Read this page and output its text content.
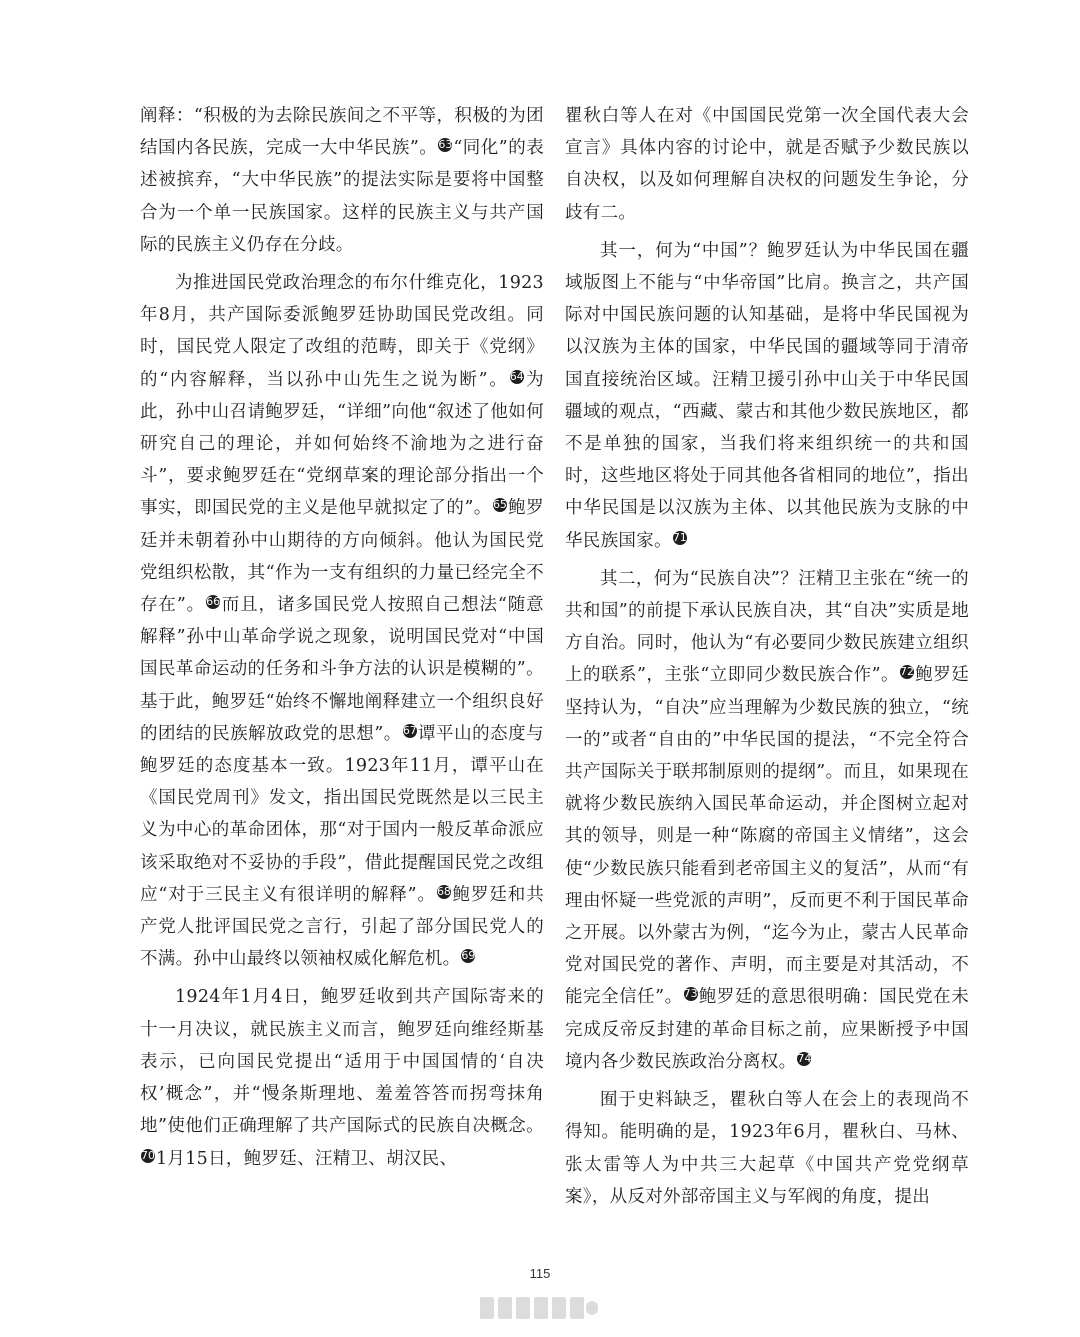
阐释：“积极的为去除民族间之不平等，积极的为团结国内各民族，完成一大中华民族”。63“同化”的表述被摈弃，“大中华民族”的提法实际是要将中国整合为一个单一民族国家。这样的民族主义与共产国际的民族主义仍存在分歧。

为推进国民党政治理念的布尔什维克化，1923年8月，共产国际委派鲍罗廷协助国民党改组。同时，国民党人限定了改组的范畴，即关于《党纲》的“内容解释，当以孙中山先生之说为断”。64为此，孙中山召请鲍罗廷，“详细”向他“叙述了他如何研究自己的理论，并如何始终不渝地为之进行奋斗”，要求鲍罗廷在“党纲草案的理论部分指出一个事实，即国民党的主义是他早就拟定了的”。65鲍罗廷并未朝着孙中山期待的方向倾斜。他认为国民党党组织松散，其“作为一支有组织的力量已经完全不存在”。66而且，诸多国民党人按照自己想法“随意解释”孙中山革命学说之现象，说明国民党对“中国国民革命运动的任务和斗争方法的认识是模糊的”。基于此，鲍罗廷“始终不懈地阐释建立一个组织良好的团结的民族解放政党的思想”。67谭平山的态度与鲍罗廷的态度基本一致。1923年11月，谭平山在《国民党周刊》发文，指出国民党既然是以三民主义为中心的革命团体，那“对于国内一般反革命派应该采取绝对不妥协的手段”，借此提醒国民党之改组应“对于三民主义有很详明的解释”。68鲍罗廷和共产党人批评国民党之言行，引起了部分国民党人的不满。孙中山最终以领袖权威化解危机。69

1924年1月4日，鲍罗廷收到共产国际寄来的十一月决议，就民族主义而言，鲍罗廷向维经斯基表示，已向国民党提出“适用于中国国情的‘自决权’概念”，并“慢条斯理地、羞羞答答而拐弯抹角地”使他们正确理解了共产国际式的民族自决概念。701月15日，鲍罗廷、汪精卫、胡汉民、

瞿秋白等人在对《中国国民党第一次全国代表大会宣言》具体内容的讨论中，就是否赋予少数民族以自决权，以及如何理解自决权的问题发生争论，分歧有二。

其一，何为“中国”？鲍罗廷认为中华民国在疆域版图上不能与“中华帝国”比肩。换言之，共产国际对中国民族问题的认知基础，是将中华民国视为以汉族为主体的国家，中华民国的疆域等同于清帝国直接统治区域。汪精卫援引孙中山关于中华民国疆域的观点，“西藏、蒙古和其他少数民族地区，都不是单独的国家，当我们将来组织统一的共和国时，这些地区将处于同其他各省相同的地位”，指出中华民国是以汉族为主体、以其他民族为支脉的中华民族国家。71

其二，何为“民族自决”？汪精卫主张在“统一的共和国”的前提下承认民族自决，其“自决”实质是地方自治。同时，他认为“有必要同少数民族建立组织上的联系”，主张“立即同少数民族合作”。72鲍罗廷坚持认为，“自决”应当理解为少数民族的独立，“统一的”或者“自由的”中华民国的提法，“不完全符合共产国际关于联邦制原则的提纲”。而且，如果现在就将少数民族纳入国民革命运动，并企图树立起对其的领导，则是一种“陈腐的帝国主义情绪”，这会使“少数民族只能看到老帝国主义的复活”，从而“有理由怀疑一些党派的声明”，反而更不利于国民革命之开展。以外蒙古为例，“迄今为止，蒙古人民革命党对国民党的著作、声明，而主要是对其活动，不能完全信任”。73鲍罗廷的意思很明确：国民党在未完成反帝反封建的革命目标之前，应果断授予中国境内各少数民族政治分离权。74

囿于史料缺乏，瞿秋白等人在会上的表现尚不得知。能明确的是，1923年6月，瞿秋白、马林、张太雷等人为中共三大起草《中国共产党党纲草案》，从反对外部帝国主义与军阀的角度，提出

115
